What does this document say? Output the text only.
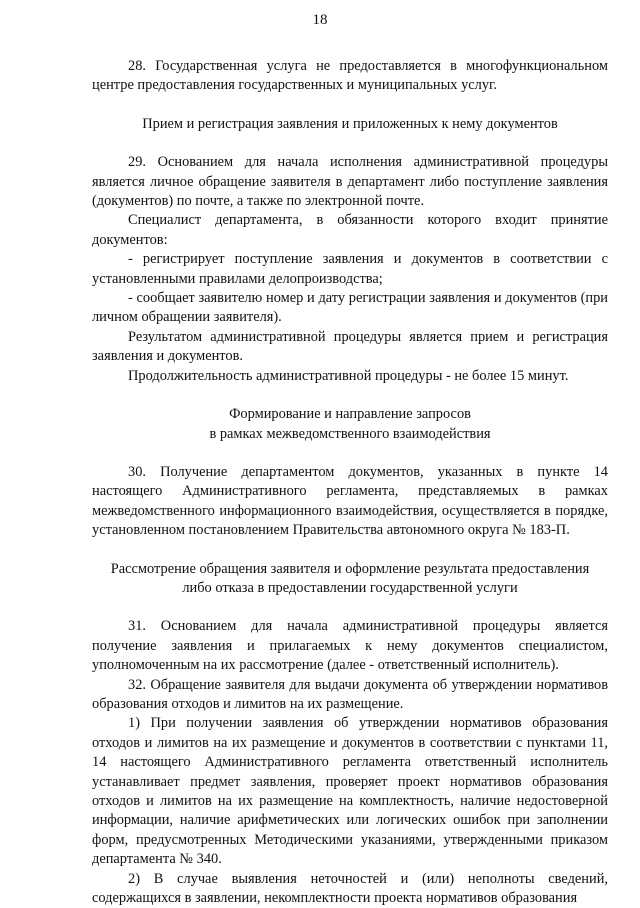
18

28. Государственная услуга не предоставляется в многофункциональном центре предоставления государственных и муниципальных услуг.

Прием и регистрация заявления и приложенных к нему документов

29. Основанием для начала исполнения административной процедуры является личное обращение заявителя в департамент либо поступление заявления (документов) по почте, а также по электронной почте.

Специалист департамента, в обязанности которого входит принятие документов:

- регистрирует поступление заявления и документов в соответствии с установленными правилами делопроизводства;

- сообщает заявителю номер и дату регистрации заявления и документов (при личном обращении заявителя).

Результатом административной процедуры является прием и регистрация заявления и документов.

Продолжительность административной процедуры - не более 15 минут.

Формирование и направление запросов
в рамках межведомственного взаимодействия

30. Получение департаментом документов, указанных в пункте 14 настоящего Административного регламента, представляемых в рамках межведомственного информационного взаимодействия, осуществляется в порядке, установленном постановлением Правительства автономного округа № 183-П.

Рассмотрение обращения заявителя и оформление результата предоставления
либо отказа в предоставлении государственной услуги

31. Основанием для начала административной процедуры является получение заявления и прилагаемых к нему документов специалистом, уполномоченным на их рассмотрение (далее - ответственный исполнитель).

32. Обращение заявителя для выдачи документа об утверждении нормативов образования отходов и лимитов на их размещение.

1) При получении заявления об утверждении нормативов образования отходов и лимитов на их размещение и документов в соответствии с пунктами 11, 14 настоящего Административного регламента ответственный исполнитель устанавливает предмет заявления, проверяет проект нормативов образования отходов и лимитов на их размещение на комплектность, наличие недостоверной информации, наличие арифметических или логических ошибок при заполнении форм, предусмотренных Методическими указаниями, утвержденными приказом департамента № 340.

2) В случае выявления неточностей и (или) неполноты сведений, содержащихся в заявлении, некомплектности проекта нормативов образования
